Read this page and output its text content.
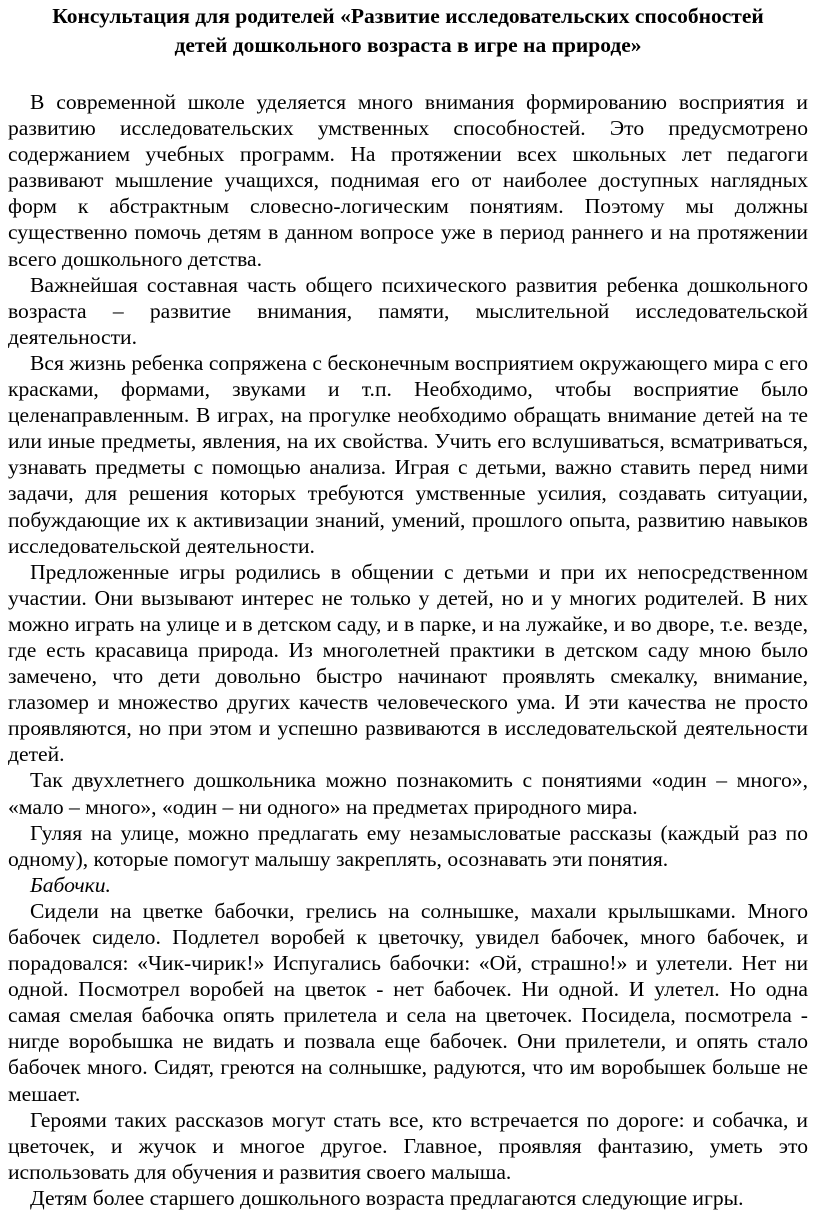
Консультация для родителей «Развитие исследовательских способностей
детей дошкольного возраста в игре на природе»

В современной школе уделяется много внимания формированию восприятия и развитию исследовательских умственных способностей. Это предусмотрено содержанием учебных программ. На протяжении всех школьных лет педагоги развивают мышление учащихся, поднимая его от наиболее доступных наглядных форм к абстрактным словесно-логическим понятиям. Поэтому мы должны существенно помочь детям в данном вопросе уже в период раннего и на протяжении всего дошкольного детства.

Важнейшая составная часть общего психического развития ребенка дошкольного возраста – развитие внимания, памяти, мыслительной исследовательской деятельности.

Вся жизнь ребенка сопряжена с бесконечным восприятием окружающего мира с его красками, формами, звуками и т.п. Необходимо, чтобы восприятие было целенаправленным. В играх, на прогулке необходимо обращать внимание детей на те или иные предметы, явления, на их свойства. Учить его вслушиваться, всматриваться, узнавать предметы с помощью анализа. Играя с детьми, важно ставить перед ними задачи, для решения которых требуются умственные усилия, создавать ситуации, побуждающие их к активизации знаний, умений, прошлого опыта, развитию навыков исследовательской деятельности.

Предложенные игры родились в общении с детьми и при их непосредственном участии. Они вызывают интерес не только у детей, но и у многих родителей. В них можно играть на улице и в детском саду, и в парке, и на лужайке, и во дворе, т.е. везде, где есть красавица природа. Из многолетней практики в детском саду мною было замечено, что дети довольно быстро начинают проявлять смекалку, внимание, глазомер и множество других качеств человеческого ума. И эти качества не просто проявляются, но при этом и успешно развиваются в исследовательской деятельности детей.

Так двухлетнего дошкольника можно познакомить с понятиями «один – много», «мало – много», «один – ни одного» на предметах природного мира.

Гуляя на улице, можно предлагать ему незамысловатые рассказы (каждый раз по одному), которые помогут малышу закреплять, осознавать эти понятия.

Бабочки.

Сидели на цветке бабочки, грелись на солнышке, махали крылышками. Много бабочек сидело. Подлетел воробей к цветочку, увидел бабочек, много бабочек, и порадовался: «Чик-чирик!» Испугались бабочки: «Ой, страшно!» и улетели. Нет ни одной. Посмотрел воробей на цветок - нет бабочек. Ни одной. И улетел. Но одна самая смелая бабочка опять прилетела и села на цветочек. Посидела, посмотрела - нигде воробышка не видать и позвала еще бабочек. Они прилетели, и опять стало бабочек много. Сидят, греются на солнышке, радуются, что им воробышек больше не мешает.

Героями таких рассказов могут стать все, кто встречается по дороге: и собачка, и цветочек, и жучок и многое другое. Главное, проявляя фантазию, уметь это использовать для обучения и развития своего малыша.

Детям более старшего дошкольного возраста предлагаются следующие игры.
